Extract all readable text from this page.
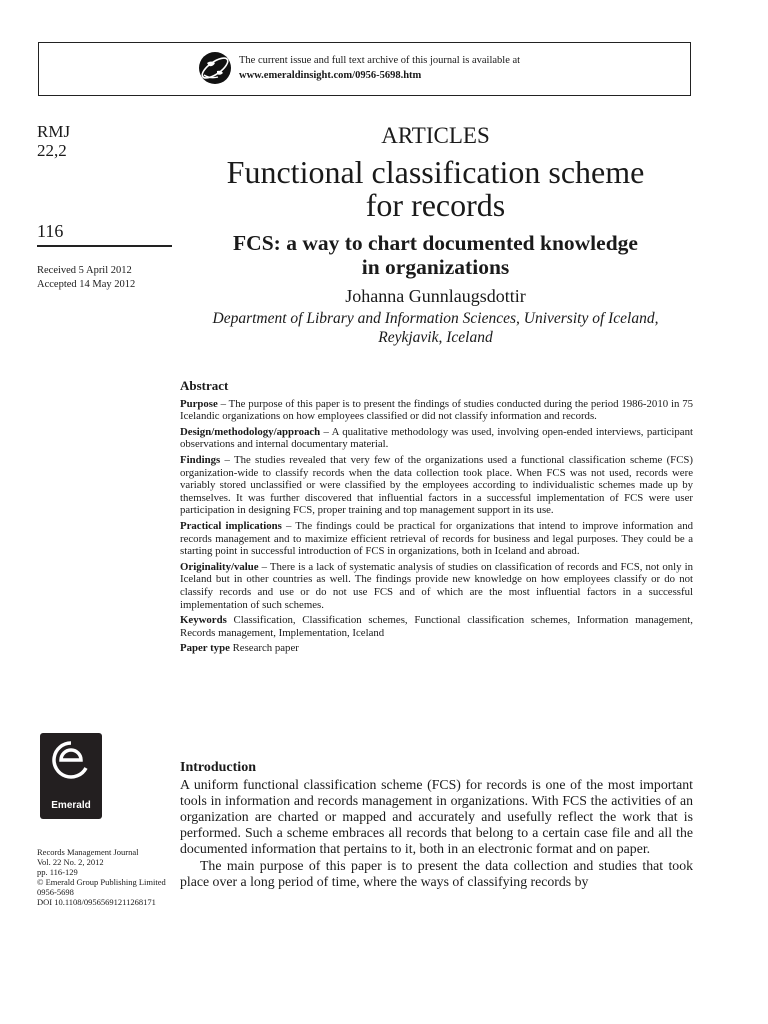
The current issue and full text archive of this journal is available at
www.emeraldinsight.com/0956-5698.htm
RMJ
22,2
116
Received 5 April 2012
Accepted 14 May 2012
Emerald
Records Management Journal
Vol. 22 No. 2, 2012
pp. 116-129
© Emerald Group Publishing Limited
0956-5698
DOI 10.1108/09565691211268171
ARTICLES
Functional classification scheme
for records
FCS: a way to chart documented knowledge
in organizations
Johanna Gunnlaugsdottir
Department of Library and Information Sciences, University of Iceland,
Reykjavik, Iceland
Abstract

Purpose – The purpose of this paper is to present the findings of studies conducted during the period 1986-2010 in 75 Icelandic organizations on how employees classified or did not classify information and records.

Design/methodology/approach – A qualitative methodology was used, involving open-ended interviews, participant observations and internal documentary material.

Findings – The studies revealed that very few of the organizations used a functional classification scheme (FCS) organization-wide to classify records when the data collection took place. When FCS was not used, records were variably stored unclassified or were classified by the employees according to individualistic schemes made up by themselves. It was further discovered that influential factors in a successful implementation of FCS were user participation in designing FCS, proper training and top management support in its use.

Practical implications – The findings could be practical for organizations that intend to improve information and records management and to maximize efficient retrieval of records for business and legal purposes. They could be a starting point in successful introduction of FCS in organizations, both in Iceland and abroad.

Originality/value – There is a lack of systematic analysis of studies on classification of records and FCS, not only in Iceland but in other countries as well. The findings provide new knowledge on how employees classify or do not classify records and use or do not use FCS and of which are the most influential factors in a successful implementation of such schemes.

Keywords Classification, Classification schemes, Functional classification schemes, Information management, Records management, Implementation, Iceland

Paper type Research paper

Introduction

A uniform functional classification scheme (FCS) for records is one of the most important tools in information and records management in organizations. With FCS the activities of an organization are charted or mapped and accurately and usefully reflect the work that is performed. Such a scheme embraces all records that belong to a certain case file and all the documented information that pertains to it, both in an electronic format and on paper.

The main purpose of this paper is to present the data collection and studies that took place over a long period of time, where the ways of classifying records by
